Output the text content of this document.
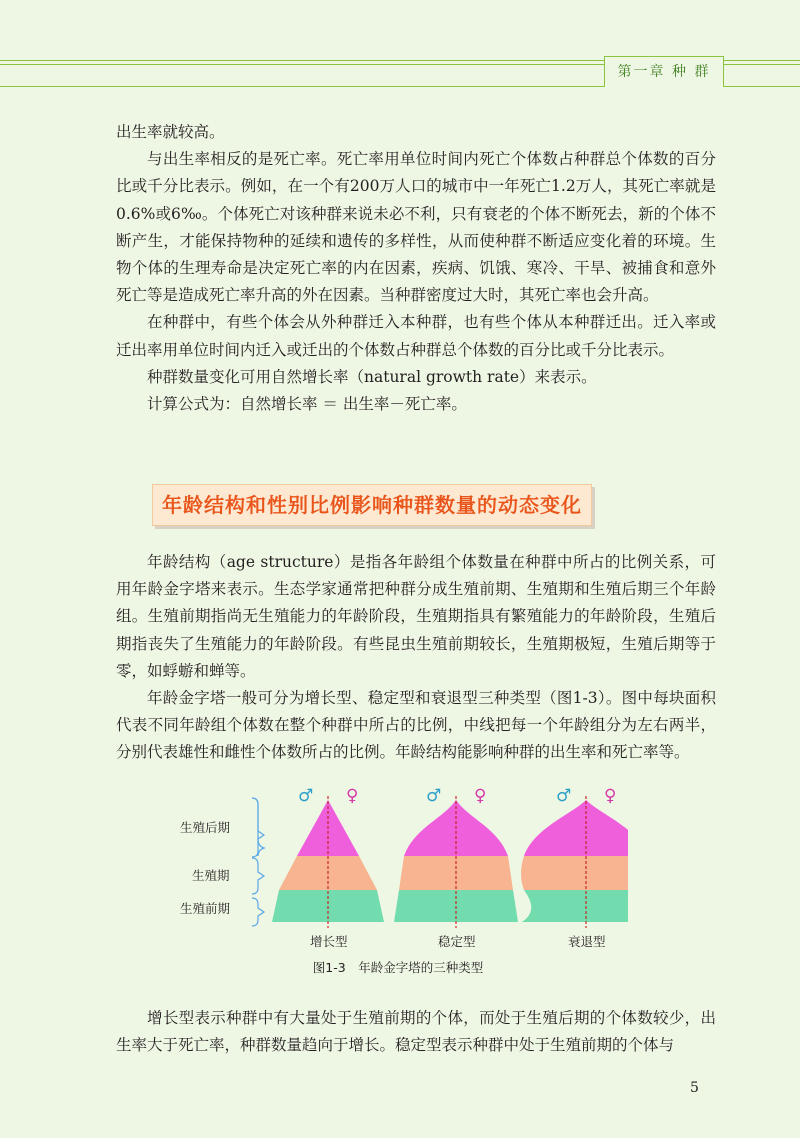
第一章 种 群

出生率就较高。

与出生率相反的是死亡率。死亡率用单位时间内死亡个体数占种群总个体数的百分比或千分比表示。例如，在一个有200万人口的城市中一年死亡1.2万人，其死亡率就是0.6%或6‰。个体死亡对该种群来说未必不利，只有衰老的个体不断死去，新的个体不断产生，才能保持物种的延续和遗传的多样性，从而使种群不断适应变化着的环境。生物个体的生理寿命是决定死亡率的内在因素，疾病、饥饿、寒冷、干旱、被捕食和意外死亡等是造成死亡率升高的外在因素。当种群密度过大时，其死亡率也会升高。

在种群中，有些个体会从外种群迁入本种群，也有些个体从本种群迁出。迁入率或迁出率用单位时间内迁入或迁出的个体数占种群总个体数的百分比或千分比表示。

种群数量变化可用自然增长率（natural growth rate）来表示。

计算公式为：自然增长率 ＝ 出生率－死亡率。

年龄结构和性别比例影响种群数量的动态变化

年龄结构（age structure）是指各年龄组个体数量在种群中所占的比例关系，可用年龄金字塔来表示。生态学家通常把种群分成生殖前期、生殖期和生殖后期三个年龄组。生殖前期指尚无生殖能力的年龄阶段，生殖期指具有繁殖能力的年龄阶段，生殖后期指丧失了生殖能力的年龄阶段。有些昆虫生殖前期较长，生殖期极短，生殖后期等于零，如蜉蝣和蝉等。

年龄金字塔一般可分为增长型、稳定型和衰退型三种类型（图1-3）。图中每块面积代表不同年龄组个体数在整个种群中所占的比例，中线把每一个年龄组分为左右两半，分别代表雄性和雌性个体数所占的比例。年龄结构能影响种群的出生率和死亡率等。

生殖后期
生殖期
生殖前期
♂ ♀	♂ ♀	♂ ♀
增长型	稳定型	衰退型
图1-3　年龄金字塔的三种类型

增长型表示种群中有大量处于生殖前期的个体，而处于生殖后期的个体数较少，出生率大于死亡率，种群数量趋向于增长。稳定型表示种群中处于生殖前期的个体与

5
